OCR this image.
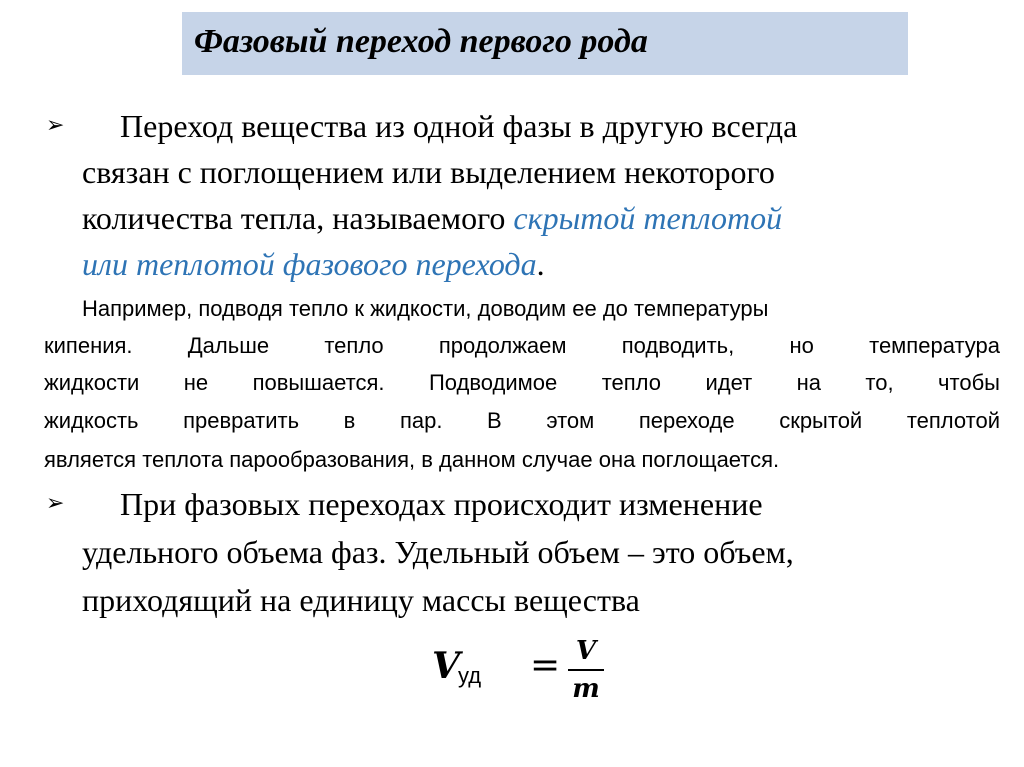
Фазовый переход первого рода
➢ Переход вещества из одной фазы в другую всегда
связан с поглощением или выделением некоторого
количества тепла, называемого скрытой теплотой
или теплотой фазового перехода.
Например, подводя тепло к жидкости, доводим ее до температуры
кипения. Дальше тепло продолжаем подводить, но температура
жидкости не повышается. Подводимое тепло идет на то, чтобы
жидкость превратить в пар. В этом переходе скрытой теплотой
является теплота парообразования, в данном случае она поглощается.
➢ При фазовых переходах происходит изменение
удельного объема фаз. Удельный объем – это объем,
приходящий на единицу массы вещества
V
уд = V
m
